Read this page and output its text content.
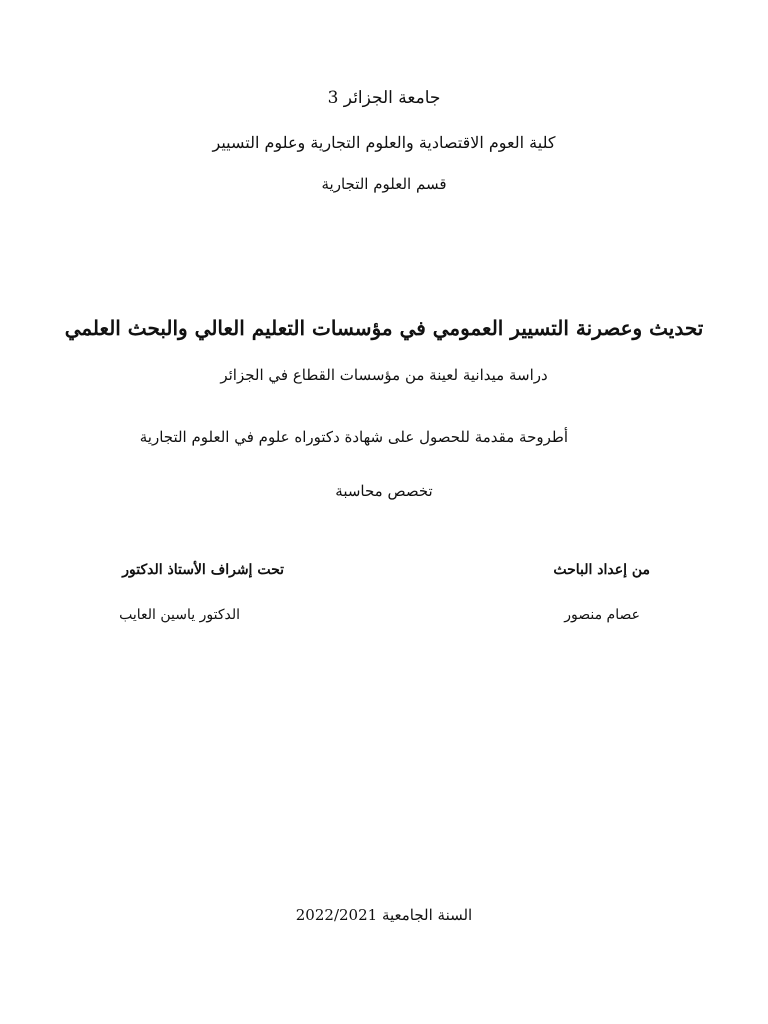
جامعة الجزائر 3
كلية العوم الاقتصادية والعلوم التجارية وعلوم التسيير
قسم العلوم التجارية
تحديث وعصرنة التسيير العمومي في مؤسسات التعليم العالي والبحث العلمي
دراسة ميدانية لعينة من مؤسسات القطاع في الجزائر
أطروحة مقدمة للحصول على شهادة دكتوراه علوم في العلوم التجارية
تخصص محاسبة
من إعداد الباحث
تحت إشراف الأستاذ الدكتور
عصام منصور
الدكتور ياسين العايب
السنة الجامعية 2022/2021
